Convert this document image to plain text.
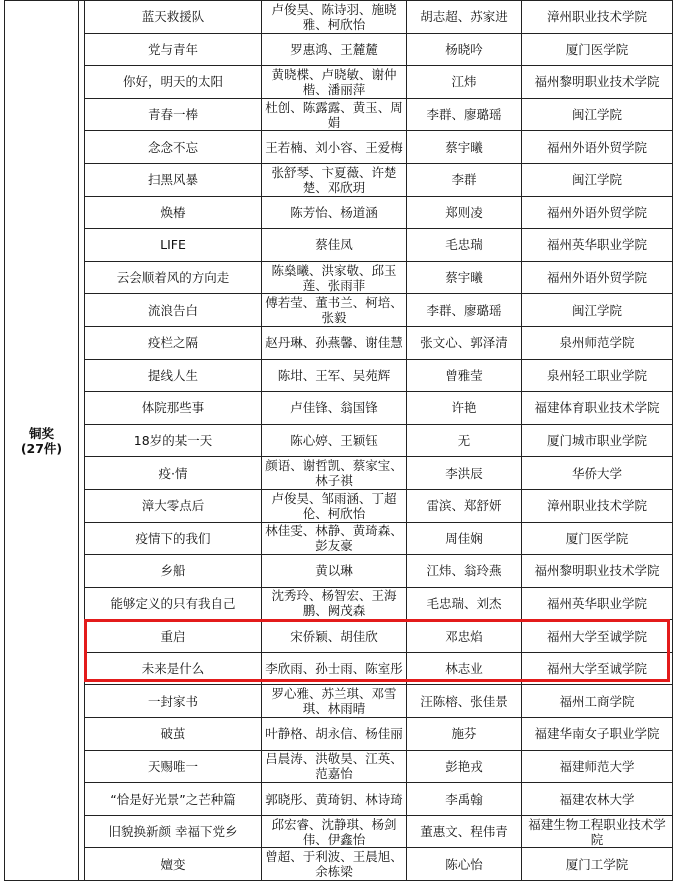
铜奖
(27件)		蓝天救援队	卢俊昊、陈诗羽、施晓雅、柯欣怡	胡志超、苏家进	漳州职业技术学院
		党与青年	罗惠鸿、王麓麓	杨晓吟	厦门医学院
		你好，明天的太阳	黄晓楪、卢晓敏、谢仲楷、潘丽萍	江炜	福州黎明职业技术学院
		青春一棒	杜创、陈露露、黄玉、周娟	李群、廖璐瑶	闽江学院
		念念不忘	王若楠、刘小容、王爱梅	蔡宇曦	福州外语外贸学院
		扫黑风暴	张舒琴、卞夏薇、许楚楚、邓欣玥	李群	闽江学院
		焕椿	陈芳怡、杨道涵	郑则凌	福州外语外贸学院
		LIFE	蔡佳凤	毛忠瑞	福州英华职业学院
		云会顺着风的方向走	陈燊曦、洪家敬、邱玉莲、张雨菲	蔡宇曦	福州外语外贸学院
		流浪告白	傅若莹、董书兰、柯培、张毅	李群、廖璐瑶	闽江学院
		疫栏之隔	赵丹琳、孙燕馨、谢佳慧	张文心、郭泽清	泉州师范学院
		提线人生	陈坩、王军、吴苑辉	曾雅莹	泉州轻工职业学院
		体院那些事	卢佳锋、翁国锋	许艳	福建体育职业技术学院
		18岁的某一天	陈心婷、王颖钰	无	厦门城市职业学院
		疫·情	颜语、谢哲凯、蔡家宝、林子祺	李洪辰	华侨大学
		漳大零点后	卢俊昊、邹雨涵、丁超伦、柯欣怡	雷滨、郑舒妍	漳州职业技术学院
		疫情下的我们	林佳雯、林静、黄琦森、彭友豪	周佳娴	厦门医学院
		乡船	黄以琳	江炜、翁玲燕	福州黎明职业技术学院
		能够定义的只有我自己	沈秀玲、杨智宏、王海鹏、阙茂森	毛忠瑞、刘杰	福州英华职业学院
		重启	宋侨颖、胡佳欣	邓忠焰	福州大学至诚学院
		未来是什么	李欣雨、孙士雨、陈室彤	林志业	福州大学至诚学院
		一封家书	罗心雅、苏兰琪、邓雪琪、林雨晴	汪陈榕、张佳景	福州工商学院
		破茧	叶静格、胡永信、杨佳丽	施芬	福建华南女子职业学院
		天赐唯一	吕晨涛、洪敬昊、江英、范嘉怡	彭艳戎	福建师范大学
		“恰是好光景”之芒种篇	郭晓彤、黄琦钥、林诗琦	李禹翰	福建农林大学
		旧貌换新颜 幸福下党乡	邱宏睿、沈静琪、杨剑伟、伊鑫怡	董惠文、程伟青	福建生物工程职业技术学院
		嬗变	曾超、于利波、王晨旭、余栋梁	陈心怡	厦门工学院
